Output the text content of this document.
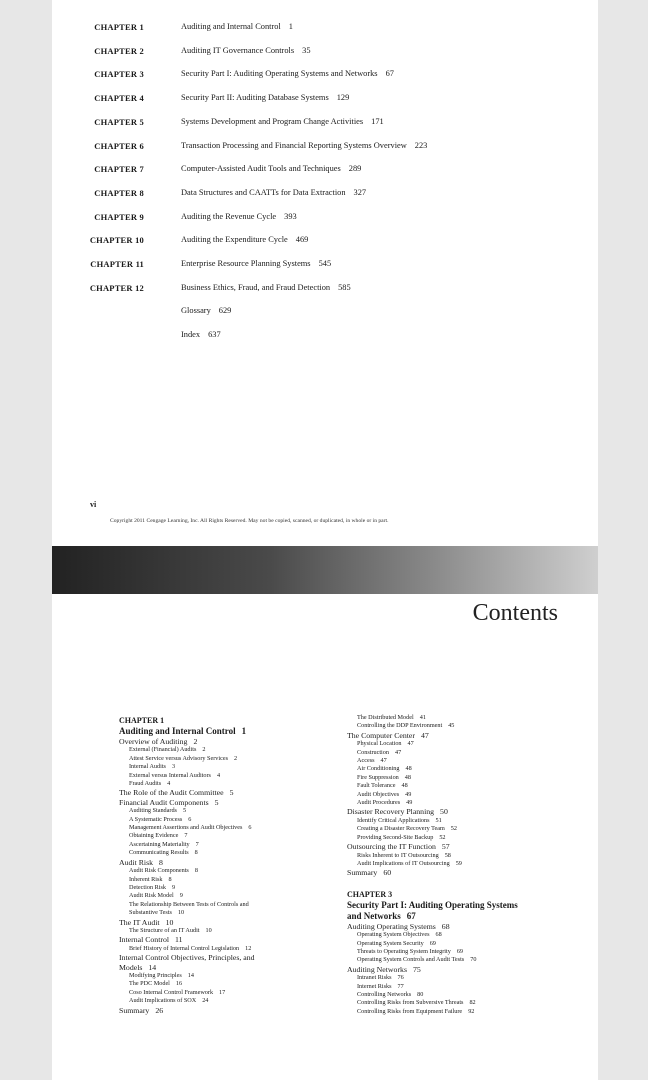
CHAPTER 1	Auditing and Internal Control 1
CHAPTER 2	Auditing IT Governance Controls 35
CHAPTER 3	Security Part I: Auditing Operating Systems and Networks 67
CHAPTER 4	Security Part II: Auditing Database Systems 129
CHAPTER 5	Systems Development and Program Change Activities 171
CHAPTER 6	Transaction Processing and Financial Reporting Systems Overview 223
CHAPTER 7	Computer-Assisted Audit Tools and Techniques 289
CHAPTER 8	Data Structures and CAATTs for Data Extraction 327
CHAPTER 9	Auditing the Revenue Cycle 393
CHAPTER 10	Auditing the Expenditure Cycle 469
CHAPTER 11	Enterprise Resource Planning Systems 545
CHAPTER 12	Business Ethics, Fraud, and Fraud Detection 585
Glossary 629
Index 637
vi
Copyright 2011 Cengage Learning, Inc. All Rights Reserved. May not be copied, scanned, or duplicated, in whole or in part.
Contents
CHAPTER 1
Auditing and Internal Control 1
Overview of Auditing 2
External (Financial) Audits 2
Attest Service versus Advisory Services 2
Internal Audits 3
External versus Internal Auditors 4
Fraud Audits 4
The Role of the Audit Committee 5
Financial Audit Components 5
Auditing Standards 5
A Systematic Process 6
Management Assertions and Audit Objectives 6
Obtaining Evidence 7
Ascertaining Materiality 7
Communicating Results 8
Audit Risk 8
Audit Risk Components 8
Inherent Risk 8
Detection Risk 9
Audit Risk Model 9
The Relationship Between Tests of Controls and
Substantive Tests 10
The IT Audit 10
The Structure of an IT Audit 10
Internal Control 11
Brief History of Internal Control Legislation 12
Internal Control Objectives, Principles, and
Models 14
Modifying Principles 14
The PDC Model 16
Coso Internal Control Framework 17
Audit Implications of SOX 24
Summary 26
The Distributed Model 41
Controlling the DDP Environment 45
The Computer Center 47
Physical Location 47
Construction 47
Access 47
Air Conditioning 48
Fire Suppression 48
Fault Tolerance 48
Audit Objectives 49
Audit Procedures 49
Disaster Recovery Planning 50
Identify Critical Applications 51
Creating a Disaster Recovery Team 52
Providing Second-Site Backup 52
Outsourcing the IT Function 57
Risks Inherent to IT Outsourcing 58
Audit Implications of IT Outsourcing 59
Summary 60
CHAPTER 3
Security Part I: Auditing Operating Systems
and Networks 67
Auditing Operating Systems 68
Operating System Objectives 68
Operating System Security 69
Threats to Operating System Integrity 69
Operating System Controls and Audit Tests 70
Auditing Networks 75
Intranet Risks 76
Internet Risks 77
Controlling Networks 80
Controlling Risks from Subversive Threats 82
Controlling Risks from Equipment Failure 92
